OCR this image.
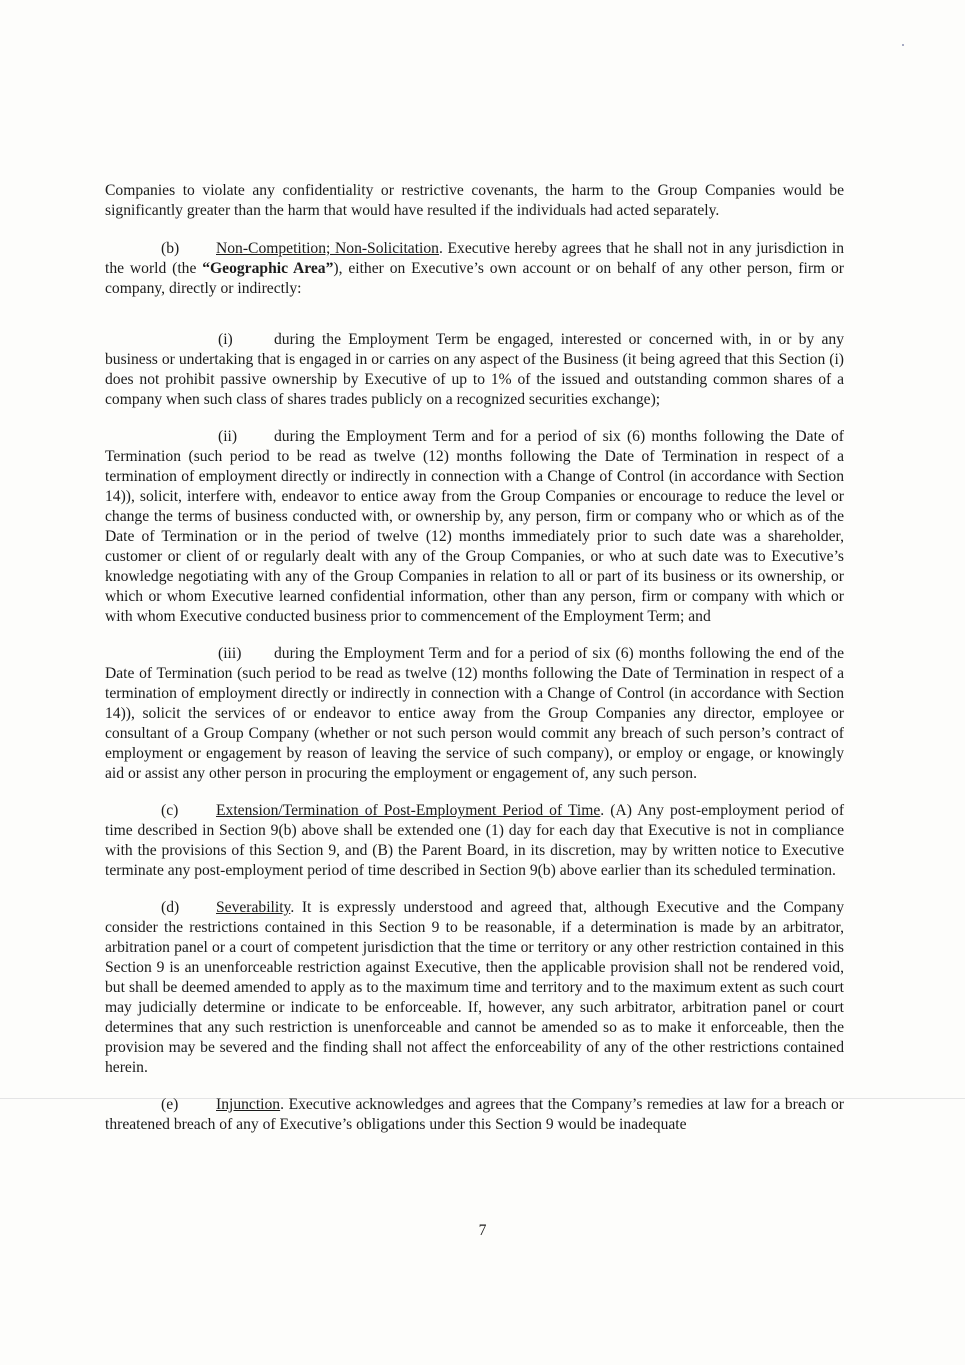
Companies to violate any confidentiality or restrictive covenants, the harm to the Group Companies would be significantly greater than the harm that would have resulted if the individuals had acted separately.

(b) Non-Competition; Non-Solicitation. Executive hereby agrees that he shall not in any jurisdiction in the world (the “Geographic Area”), either on Executive’s own account or on behalf of any other person, firm or company, directly or indirectly:

(i)	during the Employment Term be engaged, interested or concerned with, in or by any business or undertaking that is engaged in or carries on any aspect of the Business (it being agreed that this Section (i) does not prohibit passive ownership by Executive of up to 1% of the issued and outstanding common shares of a company when such class of shares trades publicly on a recognized securities exchange);

(ii) during the Employment Term and for a period of six (6) months following the Date of Termination (such period to be read as twelve (12) months following the Date of Termination in respect of a termination of employment directly or indirectly in connection with a Change of Control (in accordance with Section 14)), solicit, interfere with, endeavor to entice away from the Group Companies or encourage to reduce the level or change the terms of business conducted with, or ownership by, any person, firm or company who or which as of the Date of Termination or in the period of twelve (12) months immediately prior to such date was a shareholder, customer or client of or regularly dealt with any of the Group Companies, or who at such date was to Executive’s knowledge negotiating with any of the Group Companies in relation to all or part of its business or its ownership, or which or whom Executive learned confidential information, other than any person, firm or company with which or with whom Executive conducted business prior to commencement of the Employment Term; and

(iii) during the Employment Term and for a period of six (6) months following the end of the Date of Termination (such period to be read as twelve (12) months following the Date of Termination in respect of a termination of employment directly or indirectly in connection with a Change of Control (in accordance with Section 14)), solicit the services of or endeavor to entice away from the Group Companies any director, employee or consultant of a Group Company (whether or not such person would commit any breach of such person’s contract of employment or engagement by reason of leaving the service of such company), or employ or engage, or knowingly aid or assist any other person in procuring the employment or engagement of, any such person.

(c) Extension/Termination of Post-Employment Period of Time. (A) Any post-employment period of time described in Section 9(b) above shall be extended one (1) day for each day that Executive is not in compliance with the provisions of this Section 9, and (B) the Parent Board, in its discretion, may by written notice to Executive terminate any post-employment period of time described in Section 9(b) above earlier than its scheduled termination.

(d) Severability. It is expressly understood and agreed that, although Executive and the Company consider the restrictions contained in this Section 9 to be reasonable, if a determination is made by an arbitrator, arbitration panel or a court of competent jurisdiction that the time or territory or any other restriction contained in this Section 9 is an unenforceable restriction against Executive, then the applicable provision shall not be rendered void, but shall be deemed amended to apply as to the maximum time and territory and to the maximum extent as such court may judicially determine or indicate to be enforceable. If, however, any such arbitrator, arbitration panel or court determines that any such restriction is unenforceable and cannot be amended so as to make it enforceable, then the provision may be severed and the finding shall not affect the enforceability of any of the other restrictions contained herein.

(e) Injunction. Executive acknowledges and agrees that the Company’s remedies at law for a breach or threatened breach of any of Executive’s obligations under this Section 9 would be inadequate

7
